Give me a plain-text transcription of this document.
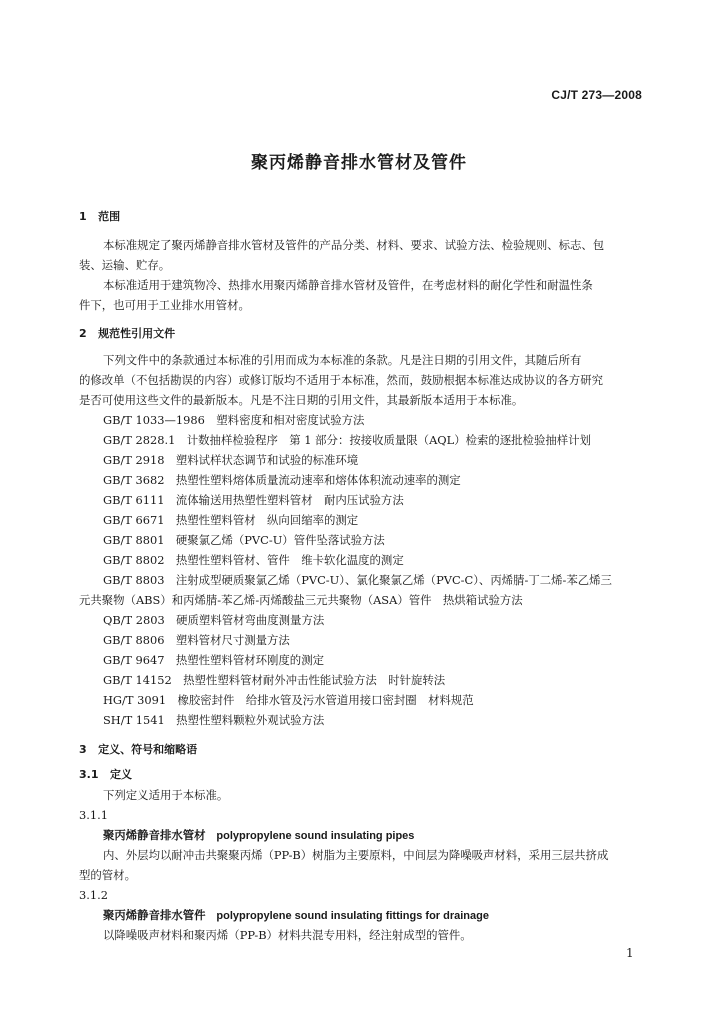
CJ/T 273—2008
聚丙烯静音排水管材及管件
1 范围
本标准规定了聚丙烯静音排水管材及管件的产品分类、材料、要求、试验方法、检验规则、标志、包
装、运输、贮存。
本标准适用于建筑物冷、热排水用聚丙烯静音排水管材及管件，在考虑材料的耐化学性和耐温性条
件下，也可用于工业排水用管材。
2 规范性引用文件
下列文件中的条款通过本标准的引用而成为本标准的条款。凡是注日期的引用文件，其随后所有
的修改单（不包括勘误的内容）或修订版均不适用于本标准，然而，鼓励根据本标准达成协议的各方研究
是否可使用这些文件的最新版本。凡是不注日期的引用文件，其最新版本适用于本标准。
GB/T 1033—1986　塑料密度和相对密度试验方法
GB/T 2828.1　计数抽样检验程序　第 1 部分：按接收质量限（AQL）检索的逐批检验抽样计划
GB/T 2918　塑料试样状态调节和试验的标准环境
GB/T 3682　热塑性塑料熔体质量流动速率和熔体体积流动速率的测定
GB/T 6111　流体输送用热塑性塑料管材　耐内压试验方法
GB/T 6671　热塑性塑料管材　纵向回缩率的测定
GB/T 8801　硬聚氯乙烯（PVC-U）管件坠落试验方法
GB/T 8802　热塑性塑料管材、管件　维卡软化温度的测定
GB/T 8803　注射成型硬质聚氯乙烯（PVC-U）、氯化聚氯乙烯（PVC-C）、丙烯腈-丁二烯-苯乙烯三
元共聚物（ABS）和丙烯腈-苯乙烯-丙烯酸盐三元共聚物（ASA）管件　热烘箱试验方法
QB/T 2803　硬质塑料管材弯曲度测量方法
GB/T 8806　塑料管材尺寸测量方法
GB/T 9647　热塑性塑料管材环刚度的测定
GB/T 14152　热塑性塑料管材耐外冲击性能试验方法　时针旋转法
HG/T 3091　橡胶密封件　给排水管及污水管道用接口密封圈　材料规范
SH/T 1541　热塑性塑料颗粒外观试验方法
3 定义、符号和缩略语
3.1 定义
下列定义适用于本标准。
3.1.1
聚丙烯静音排水管材 polypropylene sound insulating pipes
内、外层均以耐冲击共聚聚丙烯（PP-B）树脂为主要原料，中间层为降噪吸声材料，采用三层共挤成
型的管材。
3.1.2
聚丙烯静音排水管件 polypropylene sound insulating fittings for drainage
以降噪吸声材料和聚丙烯（PP-B）材料共混专用料，经注射成型的管件。
1
